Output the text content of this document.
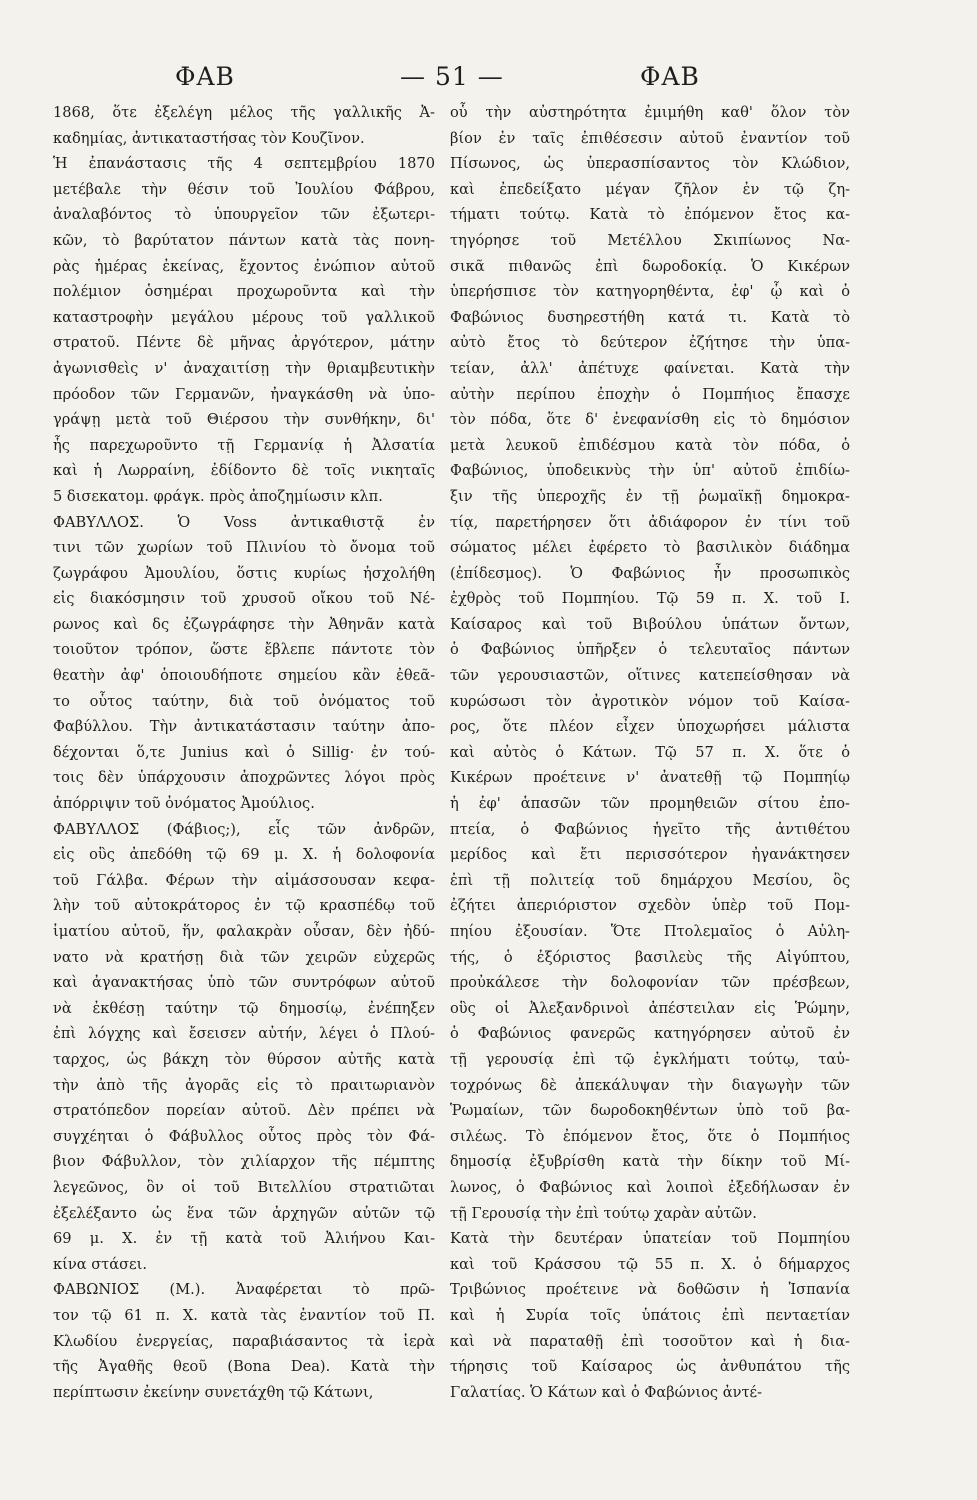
ΦΑΒ	— 51 —	ΦΑΒ
1868, ὅτε ἐξελέγη μέλος τῆς γαλλικῆς Ἀ-
καδημίας, ἀντικαταστήσας τὸν Κουζῖνον.
Ἡ ἐπανάστασις τῆς 4 σεπτεμβρίου 1870
μετέβαλε τὴν θέσιν τοῦ Ἰουλίου Φάβρου,
ἀναλαβόντος τὸ ὑπουργεῖον τῶν ἐξωτερι-
κῶν, τὸ βαρύτατον πάντων κατὰ τὰς πονη-
ρὰς ἡμέρας ἐκείνας, ἔχοντος ἐνώπιον αὐτοῦ
πολέμιον ὁσημέραι προχωροῦντα καὶ τὴν
καταστροφὴν μεγάλου μέρους τοῦ γαλλικοῦ
στρατοῦ. Πέντε δὲ μῆνας ἀργότερον, μάτην
ἀγωνισθεὶς ν' ἀναχαιτίσῃ τὴν θριαμβευτικὴν
πρόοδον τῶν Γερμανῶν, ἠναγκάσθη νὰ ὑπο-
γράψῃ μετὰ τοῦ Θιέρσου τὴν συνθήκην, δι'
ἧς παρεχωροῦντο τῇ Γερμανίᾳ ἡ Ἀλσατία
καὶ ἡ Λωρραίνη, ἐδίδοντο δὲ τοῖς νικηταῖς
5 δισεκατομ. φράγκ. πρὸς ἀποζημίωσιν κλπ.
ΦΑΒΥΛΛΟΣ. Ὁ Voss ἀντικαθιστᾷ ἐν
τινι τῶν χωρίων τοῦ Πλινίου τὸ ὄνομα τοῦ
ζωγράφου Ἀμουλίου, ὅστις κυρίως ἠσχολήθη
εἰς διακόσμησιν τοῦ χρυσοῦ οἴκου τοῦ Νέ-
ρωνος καὶ δς ἐζωγράφησε τὴν Ἀθηνᾶν κατὰ
τοιοῦτον τρόπον, ὥστε ἔβλεπε πάντοτε τὸν
θεατὴν ἀφ' ὁποιουδήποτε σημείου κἂν ἐθεᾶ-
το οὗτος ταύτην, διὰ τοῦ ὀνόματος τοῦ
Φαβύλλου. Τὴν ἀντικατάστασιν ταύτην ἀπο-
δέχονται ὅ,τε Junius καὶ ὁ Sillig· ἐν τού-
τοις δὲν ὑπάρχουσιν ἀποχρῶντες λόγοι πρὸς
ἀπόρριψιν τοῦ ὀνόματος Ἀμούλιος.
ΦΑΒΥΛΛΟΣ (Φάβιος;), εἷς τῶν ἀνδρῶν,
εἰς οὓς ἀπεδόθη τῷ 69 μ. Χ. ἡ δολοφονία
τοῦ Γάλβα. Φέρων τὴν αἱμάσσουσαν κεφα-
λὴν τοῦ αὐτοκράτορος ἐν τῷ κρασπέδῳ τοῦ
ἱματίου αὐτοῦ, ἥν, φαλακρὰν οὖσαν, δὲν ἠδύ-
νατο νὰ κρατήσῃ διὰ τῶν χειρῶν εὐχερῶς
καὶ ἀγανακτήσας ὑπὸ τῶν συντρόφων αὐτοῦ
νὰ ἐκθέσῃ ταύτην τῷ δημοσίῳ, ἐνέπηξεν
ἐπὶ λόγχης καὶ ἔσεισεν αὐτήν, λέγει ὁ Πλού-
ταρχος, ὡς βάκχη τὸν θύρσον αὐτῆς κατὰ
τὴν ἀπὸ τῆς ἀγορᾶς εἰς τὸ πραιτωριανὸν
στρατόπεδον πορείαν αὐτοῦ. Δὲν πρέπει νὰ
συγχέηται ὁ Φάβυλλος οὗτος πρὸς τὸν Φά-
βιον Φάβυλλον, τὸν χιλίαρχον τῆς πέμπτης
λεγεῶνος, ὃν οἱ τοῦ Βιτελλίου στρατιῶται
ἐξελέξαντο ὡς ἕνα τῶν ἀρχηγῶν αὐτῶν τῷ
69 μ. Χ. ἐν τῇ κατὰ τοῦ Ἀλιήνου Και-
κίνα στάσει.
ΦΑΒΩΝΙΟΣ (Μ.). Ἀναφέρεται τὸ πρῶ-
τον τῷ 61 π. Χ. κατὰ τὰς ἐναντίον τοῦ Π.
Κλωδίου ἐνεργείας, παραβιάσαντος τὰ ἱερὰ
τῆς Ἀγαθῆς θεοῦ (Bona Dea). Κατὰ τὴν
περίπτωσιν ἐκείνην συνετάχθη τῷ Κάτωνι,
οὗ τὴν αὐστηρότητα ἐμιμήθη καθ' ὅλον τὸν
βίον ἐν ταῖς ἐπιθέσεσιν αὐτοῦ ἐναντίον τοῦ
Πίσωνος, ὡς ὑπερασπίσαντος τὸν Κλώδιον,
καὶ ἐπεδείξατο μέγαν ζῆλον ἐν τῷ ζη-
τήματι τούτῳ. Κατὰ τὸ ἐπόμενον ἔτος κα-
τηγόρησε τοῦ Μετέλλου Σκιπίωνος Να-
σικᾶ πιθανῶς ἐπὶ δωροδοκίᾳ. Ὁ Κικέρων
ὑπερήσπισε τὸν κατηγορηθέντα, ἐφ' ᾧ καὶ ὁ
Φαβώνιος δυσηρεστήθη κατά τι. Κατὰ τὸ
αὐτὸ ἔτος τὸ δεύτερον ἐζήτησε τὴν ὑπα-
τείαν, ἀλλ' ἀπέτυχε φαίνεται. Κατὰ τὴν
αὐτὴν περίπου ἐποχὴν ὁ Πομπήιος ἔπασχε
τὸν πόδα, ὅτε δ' ἐνεφανίσθη εἰς τὸ δημόσιον
μετὰ λευκοῦ ἐπιδέσμου κατὰ τὸν πόδα, ὁ
Φαβώνιος, ὑποδεικνὺς τὴν ὑπ' αὐτοῦ ἐπιδίω-
ξιν τῆς ὑπεροχῆς ἐν τῇ ῥωμαϊκῇ δημοκρα-
τίᾳ, παρετήρησεν ὅτι ἀδιάφορον ἐν τίνι τοῦ
σώματος μέλει ἐφέρετο τὸ βασιλικὸν διάδημα
(ἐπίδεσμος). Ὁ Φαβώνιος ἦν προσωπικὸς
ἐχθρὸς τοῦ Πομπηίου. Τῷ 59 π. Χ. τοῦ Ι.
Καίσαρος καὶ τοῦ Βιβούλου ὑπάτων ὄντων,
ὁ Φαβώνιος ὑπῆρξεν ὁ τελευταῖος πάντων
τῶν γερουσιαστῶν, οἵτινες κατεπείσθησαν νὰ
κυρώσωσι τὸν ἀγροτικὸν νόμον τοῦ Καίσα-
ρος, ὅτε πλέον εἶχεν ὑποχωρήσει μάλιστα
καὶ αὐτὸς ὁ Κάτων. Τῷ 57 π. Χ. ὅτε ὁ
Κικέρων προέτεινε ν' ἀνατεθῇ τῷ Πομπηίῳ
ἡ ἐφ' ἁπασῶν τῶν προμηθειῶν σίτου ἐπο-
πτεία, ὁ Φαβώνιος ἡγεῖτο τῆς ἀντιθέτου
μερίδος καὶ ἔτι περισσότερον ἠγανάκτησεν
ἐπὶ τῇ πολιτείᾳ τοῦ δημάρχου Μεσίου, ὃς
ἐζήτει ἀπεριόριστον σχεδὸν ὑπὲρ τοῦ Πομ-
πηίου ἐξουσίαν. Ὅτε Πτολεμαῖος ὁ Αὐλη-
τής, ὁ ἐξόριστος βασιλεὺς τῆς Αἰγύπτου,
προὐκάλεσε τὴν δολοφονίαν τῶν πρέσβεων,
οὓς οἱ Ἀλεξανδρινοὶ ἀπέστειλαν εἰς Ῥώμην,
ὁ Φαβώνιος φανερῶς κατηγόρησεν αὐτοῦ ἐν
τῇ γερουσίᾳ ἐπὶ τῷ ἐγκλήματι τούτῳ, ταὐ-
τοχρόνως δὲ ἀπεκάλυψαν τὴν διαγωγὴν τῶν
Ῥωμαίων, τῶν δωροδοκηθέντων ὑπὸ τοῦ βα-
σιλέως. Τὸ ἐπόμενον ἔτος, ὅτε ὁ Πομπήιος
δημοσίᾳ ἐξυβρίσθη κατὰ τὴν δίκην τοῦ Μί-
λωνος, ὁ Φαβώνιος καὶ λοιποὶ ἐξεδήλωσαν ἐν
τῇ Γερουσίᾳ τὴν ἐπὶ τούτῳ χαρὰν αὐτῶν.
Κατὰ τὴν δευτέραν ὑπατείαν τοῦ Πομπηίου
καὶ τοῦ Κράσσου τῷ 55 π. Χ. ὁ δήμαρχος
Τριβώνιος προέτεινε νὰ δοθῶσιν ἡ Ἱσπανία
καὶ ἡ Συρία τοῖς ὑπάτοις ἐπὶ πενταετίαν
καὶ νὰ παραταθῇ ἐπὶ τοσοῦτον καὶ ἡ δια-
τήρησις τοῦ Καίσαρος ὡς ἀνθυπάτου τῆς
Γαλατίας. Ὁ Κάτων καὶ ὁ Φαβώνιος ἀντέ-
